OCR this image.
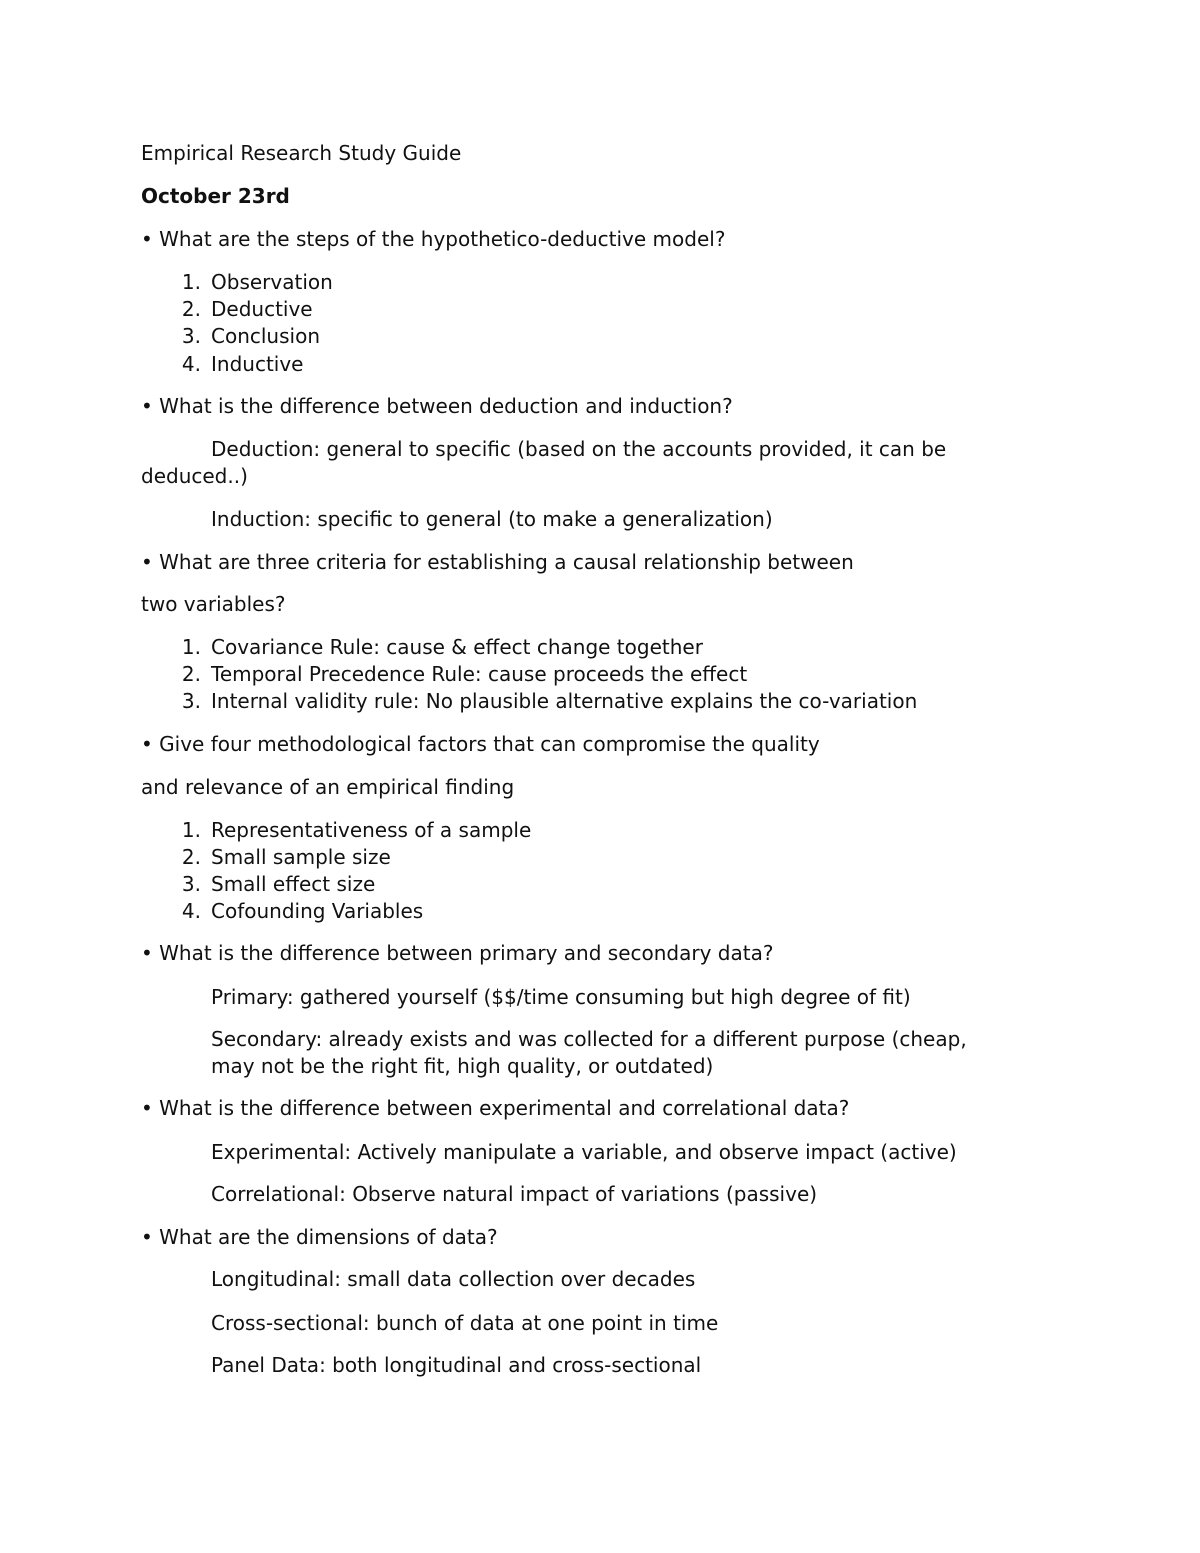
Empirical Research Study Guide
October 23rd
• What are the steps of the hypothetico-deductive model?
1. Observation
2. Deductive
3. Conclusion
4. Inductive
• What is the difference between deduction and induction?
Deduction: general to specific (based on the accounts provided, it can be
deduced..)
Induction: specific to general (to make a generalization)
• What are three criteria for establishing a causal relationship between
two variables?
1. Covariance Rule: cause & effect change together
2. Temporal Precedence Rule: cause proceeds the effect
3. Internal validity rule: No plausible alternative explains the co-variation
• Give four methodological factors that can compromise the quality
and relevance of an empirical finding
1. Representativeness of a sample
2. Small sample size
3. Small effect size
4. Cofounding Variables
• What is the difference between primary and secondary data?
Primary: gathered yourself ($$/time consuming but high degree of fit)
Secondary: already exists and was collected for a different purpose (cheap,
may not be the right fit, high quality, or outdated)
• What is the difference between experimental and correlational data?
Experimental: Actively manipulate a variable, and observe impact (active)
Correlational: Observe natural impact of variations (passive)
• What are the dimensions of data?
Longitudinal: small data collection over decades
Cross-sectional: bunch of data at one point in time
Panel Data: both longitudinal and cross-sectional
